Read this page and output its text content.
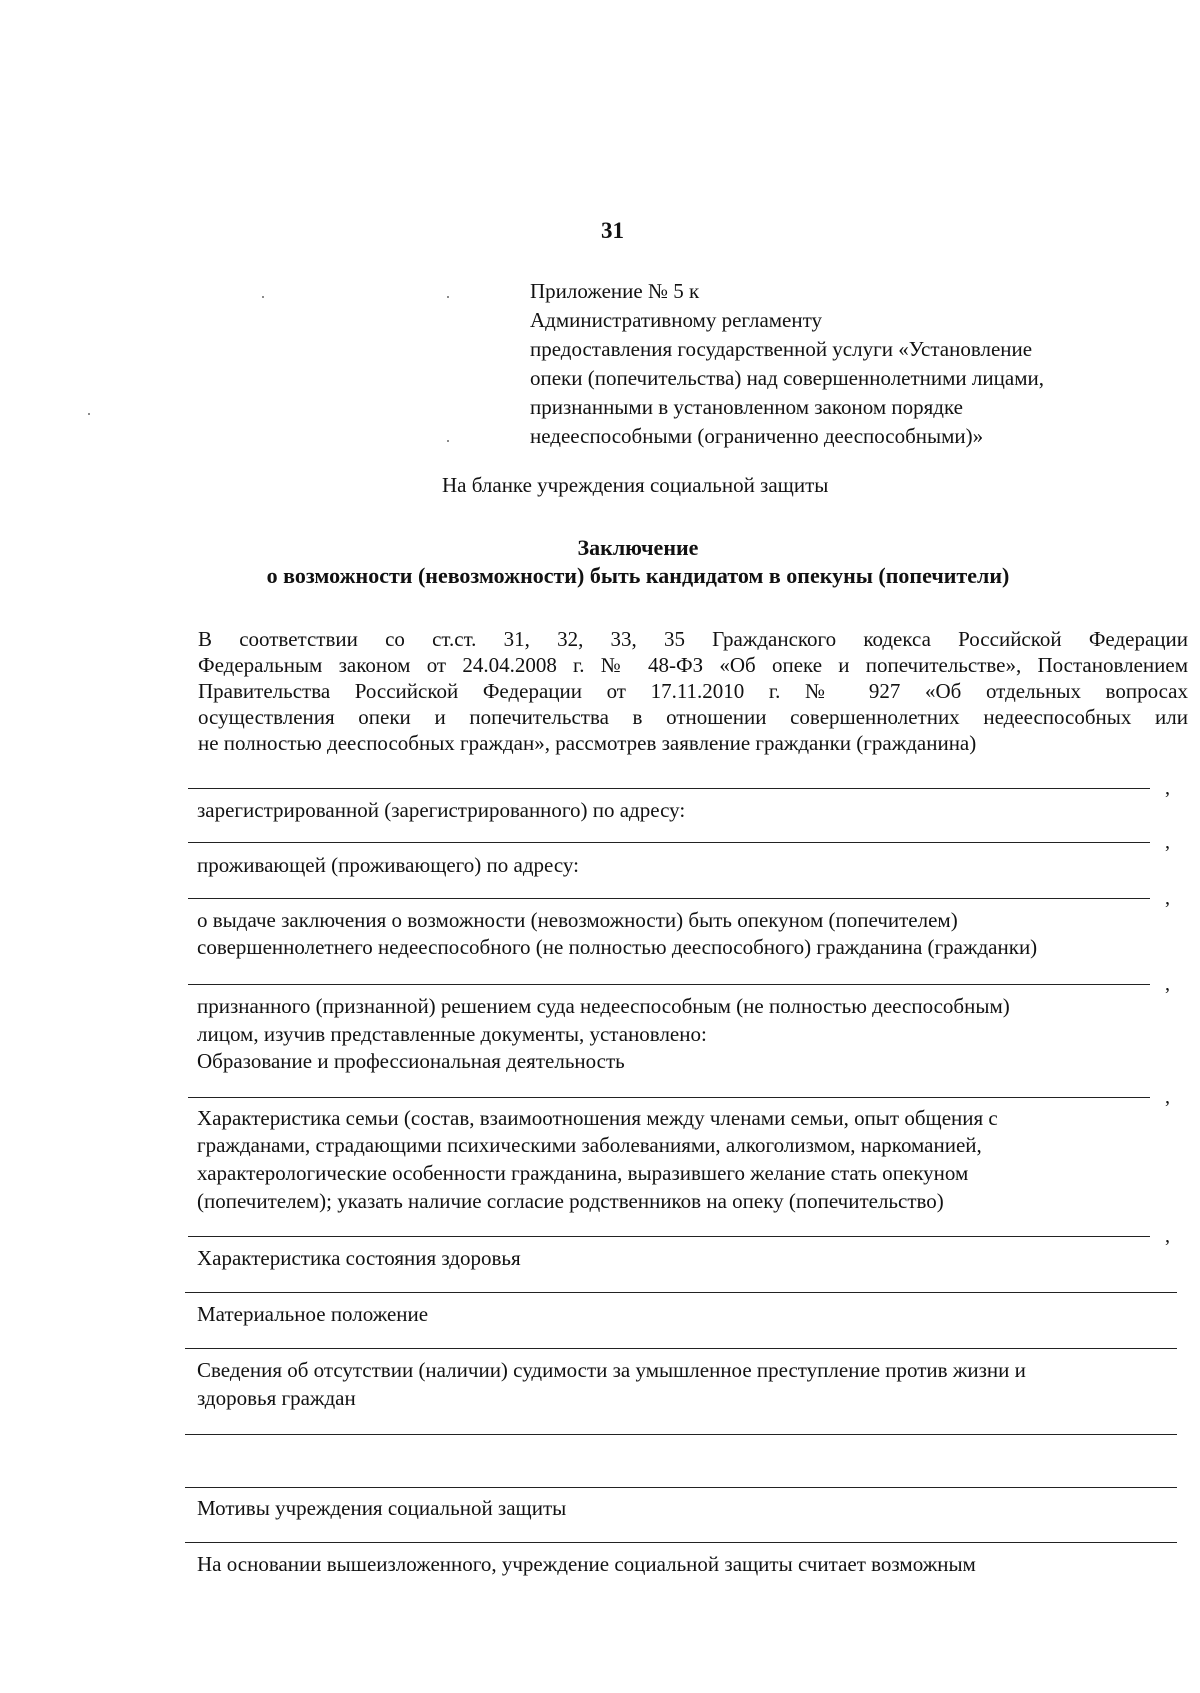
31
Приложение № 5 к
Административному регламенту
предоставления государственной услуги «Установление
опеки (попечительства) над совершеннолетними лицами,
признанными в установленном законом порядке
недееспособными (ограниченно дееспособными)»
На бланке учреждения социальной защиты
Заключение
о возможности (невозможности) быть кандидатом в опекуны (попечители)
В соответствии со ст.ст. 31, 32, 33, 35 Гражданского кодекса Российской Федерации
Федеральным законом от 24.04.2008 г. № 48-ФЗ «Об опеке и попечительстве», Постановлением
Правительства Российской Федерации от 17.11.2010 г. № 927 «Об отдельных вопросах
осуществления опеки и попечительства в отношении совершеннолетних недееспособных или
не полностью дееспособных граждан», рассмотрев заявление гражданки (гражданина)
,
зарегистрированной (зарегистрированного) по адресу:
,
проживающей (проживающего) по адресу:
,
о выдаче заключения о возможности (невозможности) быть опекуном (попечителем)
совершеннолетнего недееспособного (не полностью дееспособного) гражданина (гражданки)
,
признанного (признанной) решением суда недееспособным (не полностью дееспособным)
лицом, изучив представленные документы, установлено:
Образование и профессиональная деятельность
,
Характеристика семьи (состав, взаимоотношения между членами семьи, опыт общения с
гражданами, страдающими психическими заболеваниями, алкоголизмом, наркоманией,
характерологические особенности гражданина, выразившего желание стать опекуном
(попечителем); указать наличие согласие родственников на опеку (попечительство)
,
Характеристика состояния здоровья
Материальное положение
Сведения об отсутствии (наличии) судимости за умышленное преступление против жизни и
здоровья граждан
Мотивы учреждения социальной защиты
На основании вышеизложенного, учреждение социальной защиты считает возможным
